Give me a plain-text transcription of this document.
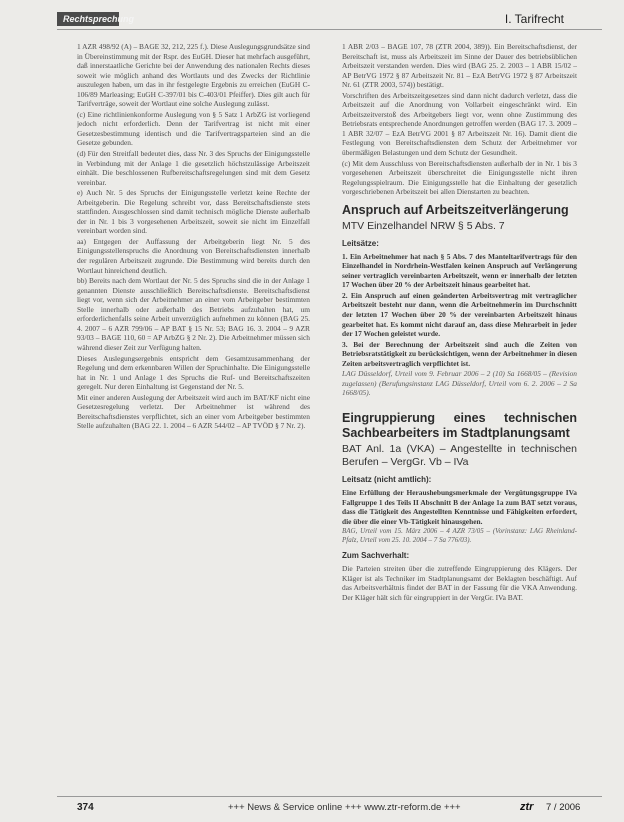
Rechtsprechung	I. Tarifrecht

1 AZR 498/92 (A) – BAGE 32, 212, 225 f.). Diese Auslegungsgrundsätze sind in Übereinstimmung mit der Rspr. des EuGH. Dieser hat mehrfach ausgeführt, daß innerstaatliche Gerichte bei der Anwendung des nationalen Rechts dieses soweit wie möglich anhand des Wortlauts und des Zwecks der Richtlinie auszulegen haben, um das in ihr festgelegte Ergebnis zu erreichen (EuGH C-106/89 Marleasing; EuGH C-397/01 bis C-403/01 Pfeiffer). Dies gilt auch für Tarifverträge, soweit der Wortlaut eine solche Auslegung zulässt.

(c) Eine richtlinienkonforme Auslegung von § 5 Satz 1 ArbZG ist vorliegend jedoch nicht erforderlich. Denn der Tarifvertrag ist nicht mit einer Gesetzesbestimmung identisch und die Tarifvertragsparteien sind an die Gesetze gebunden.

(d) Für den Streitfall bedeutet dies, dass Nr. 3 des Spruchs der Einigungsstelle in Verbindung mit der Anlage 1 die gesetzlich höchstzulässige Arbeitszeit einhält. Die beschlossenen Rufbereitschaftsregelungen sind mit dem Gesetz vereinbar.

e) Auch Nr. 5 des Spruchs der Einigungsstelle verletzt keine Rechte der Arbeitgeberin. Die Regelung schreibt vor, dass Bereitschaftsdienste stets stattfinden. Ausgeschlossen sind damit technisch mögliche Dienste außerhalb der in Nr. 1 bis 3 vorgesehenen Arbeitszeit, soweit sie nicht im Einzelfall vereinbart worden sind.

aa) Entgegen der Auffassung der Arbeitgeberin liegt Nr. 5 des Einigungsstellenspruchs die Anordnung von Bereitschaftsdiensten innerhalb der regulären Arbeitszeit zugrunde. Die Bestimmung wird bereits durch den Wortlaut hinreichend deutlich.

bb) Bereits nach dem Wortlaut der Nr. 5 des Spruchs sind die in der Anlage 1 genannten Dienste ausschließlich Bereitschaftsdienste. Bereitschaftsdienst liegt vor, wenn sich der Arbeitnehmer an einer vom Arbeitgeber bestimmten Stelle innerhalb oder außerhalb des Betriebs aufzuhalten hat, um erforderlichenfalls seine Arbeit unverzüglich aufnehmen zu können (BAG 25. 4. 2007 – 6 AZR 799/06 – AP BAT § 15 Nr. 53; BAG 16. 3. 2004 – 9 AZR 93/03 – BAGE 110, 60 = AP ArbZG § 2 Nr. 2). Die Arbeitnehmer müssen sich während dieser Zeit zur Verfügung halten.

Dieses Auslegungsergebnis entspricht dem Gesamtzusammenhang der Regelung und dem erkennbaren Willen der Spruchinhalte. Die Einigungsstelle hat in Nr. 1 und Anlage 1 des Spruchs die Ruf- und Bereitschaftszeiten geregelt. Nur deren Einhaltung ist Gegenstand der Nr. 5.

Mit einer anderen Auslegung der Arbeitszeit wird auch im BAT/KF nicht eine Gesetzesregelung verletzt. Der Arbeitnehmer ist während des Bereitschaftsdienstes verpflichtet, sich an einer vom Arbeitgeber bestimmten Stelle aufzuhalten (BAG 22. 1. 2004 – 6 AZR 544/02 – AP TVÖD § 7 Nr. 2).

1 ABR 2/03 – BAGE 107, 78 (ZTR 2004, 389)). Ein Bereitschaftsdienst, der Bereitschaft ist, muss als Arbeitszeit im Sinne der Dauer des betriebsüblichen Arbeitszeit verstanden werden. Dies wird (BAG 25. 2. 2003 – 1 ABR 15/02 – AP BetrVG 1972 § 87 Arbeitszeit Nr. 81 – EzA BetrVG 1972 § 87 Arbeitszeit Nr. 61 (ZTR 2003, 574)) bestätigt.

Vorschriften des Arbeitszeitgesetzes sind dann nicht dadurch verletzt, dass die Arbeitszeit auf die Anordnung von Vollarbeit eingeschränkt wird. Ein Arbeitszeitverstoß des Arbeitgebers liegt vor, wenn ohne Zustimmung des Betriebsrats entsprechende Anordnungen getroffen werden (BAG 17. 3. 2009 – 1 ABR 32/07 – EzA BetrVG 2001 § 87 Arbeitszeit Nr. 16). Damit dient die Festlegung von Bereitschaftsdiensten dem Schutz der Arbeitnehmer vor übermäßigen Belastungen und dem Schutz der Gesundheit.

(c) Mit dem Ausschluss von Bereitschaftsdiensten außerhalb der in Nr. 1 bis 3 vorgesehenen Arbeitszeit überschreitet die Einigungsstelle nicht ihren Regelungsspielraum. Die Einigungsstelle hat die Einhaltung der gesetzlich vorgeschriebenen Arbeitszeit bei allen Dienstarten zu beachten.

Anspruch auf Arbeitszeitverlängerung
MTV Einzelhandel NRW § 5 Abs. 7
Leitsätze:

1. Ein Arbeitnehmer hat nach § 5 Abs. 7 des Manteltarifvertrags für den Einzelhandel in Nordrhein-Westfalen keinen Anspruch auf Verlängerung seiner vertraglich vereinbarten Arbeitszeit, wenn er innerhalb der letzten 17 Wochen über 20 % der Arbeitszeit hinaus gearbeitet hat.

2. Ein Anspruch auf einen geänderten Arbeitsvertrag mit vertraglicher Arbeitszeit besteht nur dann, wenn die Arbeitnehmerin im Durchschnitt der letzten 17 Wochen über 20 % der vereinbarten Arbeitszeit hinaus gearbeitet hat. Es kommt nicht darauf an, dass diese Mehrarbeit in jeder der 17 Wochen geleistet wurde.

3. Bei der Berechnung der Arbeitszeit sind auch die Zeiten von Betriebsratstätigkeit zu berücksichtigen, wenn der Arbeitnehmer in diesen Zeiten arbeitsvertraglich verpflichtet ist.

LAG Düsseldorf, Urteil vom 9. Februar 2006 – 2 (10) Sa 1668/05 – (Revision zugelassen) (Berufungsinstanz LAG Düsseldorf, Urteil vom 6. 2. 2006 – 2 Sa 1668/05).

Eingruppierung eines technischen Sachbearbeiters im Stadtplanungsamt
BAT Anl. 1a (VKA) – Angestellte in technischen Berufen – VergGr. Vb – IVa
Leitsatz (nicht amtlich):

Eine Erfüllung der Heraushebungsmerkmale der Vergütungsgruppe IVa Fallgruppe 1 des Teils II Abschnitt B der Anlage 1a zum BAT setzt voraus, dass die Tätigkeit des Angestellten Kenntnisse und Fähigkeiten erfordert, die über die einer Vb-Tätigkeit hinausgehen.

BAG, Urteil vom 15. März 2006 – 4 AZR 73/05 – (Vorinstanz: LAG Rheinland-Pfalz, Urteil vom 25. 10. 2004 – 7 Sa 776/03).

Zum Sachverhalt:

Die Parteien streiten über die zutreffende Eingruppierung des Klägers. Der Kläger ist als Techniker im Stadtplanungsamt der Beklagten beschäftigt. Auf das Arbeitsverhältnis findet der BAT in der Fassung für die VKA Anwendung. Der Kläger hält sich für eingruppiert in der VergGr. IVa BAT.

374	+++ News & Service online +++ www.ztr-reform.de +++	ztr 7 / 2006
